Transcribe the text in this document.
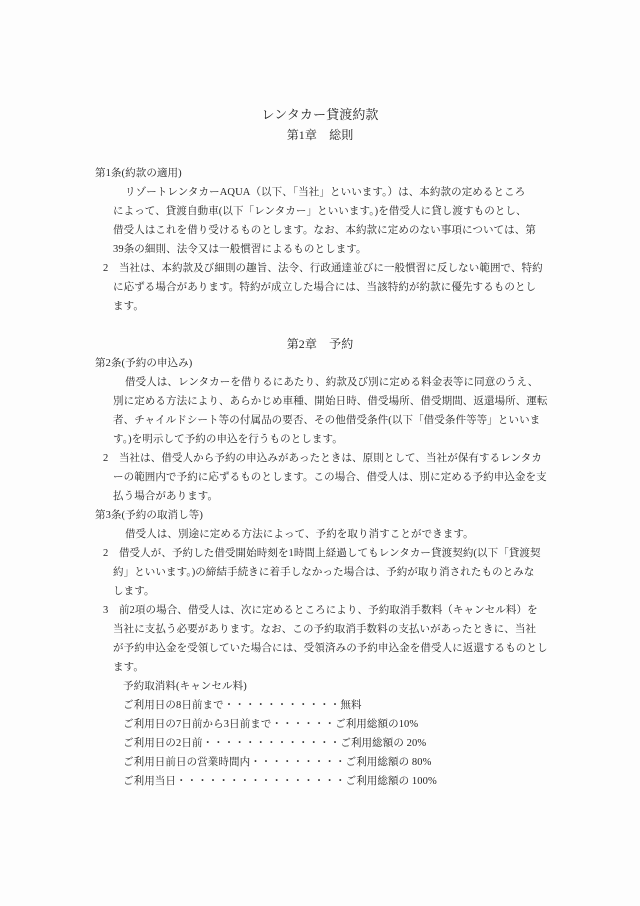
レンタカー貸渡約款
第1章　総則
第1条(約款の適用)
リゾートレンタカーAQUA（以下、「当社」といいます。）は、本約款の定めるところ
によって、貸渡自動車(以下「レンタカー」といいます。)を借受人に貸し渡すものとし、
借受人はこれを借り受けるものとします。なお、本約款に定めのない事項については、第
39条の細則、法令又は一般慣習によるものとします。
2　当社は、本約款及び細則の趣旨、法令、行政通達並びに一般慣習に反しない範囲で、特約
に応ずる場合があります。特約が成立した場合には、当該特約が約款に優先するものとし
ます。
第2章　予約
第2条(予約の申込み)
借受人は、レンタカーを借りるにあたり、約款及び別に定める料金表等に同意のうえ、
別に定める方法により、あらかじめ車種、開始日時、借受場所、借受期間、返還場所、運転
者、チャイルドシート等の付属品の要否、その他借受条件(以下「借受条件等等」といいま
す。)を明示して予約の申込を行うものとします。
2　当社は、借受人から予約の申込みがあったときは、原則として、当社が保有するレンタカ
ーの範囲内で予約に応ずるものとします。この場合、借受人は、別に定める予約申込金を支
払う場合があります。
第3条(予約の取消し等)
借受人は、別途に定める方法によって、予約を取り消すことができます。
2　借受人が、予約した借受開始時刻を1時間上経過してもレンタカー貸渡契約(以下「貸渡契
約」といいます。)の締結手続きに着手しなかった場合は、予約が取り消されたものとみな
します。
3　前2項の場合、借受人は、次に定めるところにより、予約取消手数料（キャンセル料）を
当社に支払う必要があります。なお、この予約取消手数料の支払いがあったときに、当社
が予約申込金を受領していた場合には、受領済みの予約申込金を借受人に返還するものとし
ます。
予約取消料(キャンセル料)
ご利用日の8日前まで・・・・・・・・・・・無料
ご利用日の7日前から3日前まで・・・・・・ご利用総額の10%
ご利用日の2日前・・・・・・・・・・・・・ご利用総額の 20%
ご利用日前日の営業時間内・・・・・・・・・ご利用総額の 80%
ご利用当日・・・・・・・・・・・・・・・・ご利用総額の 100%
